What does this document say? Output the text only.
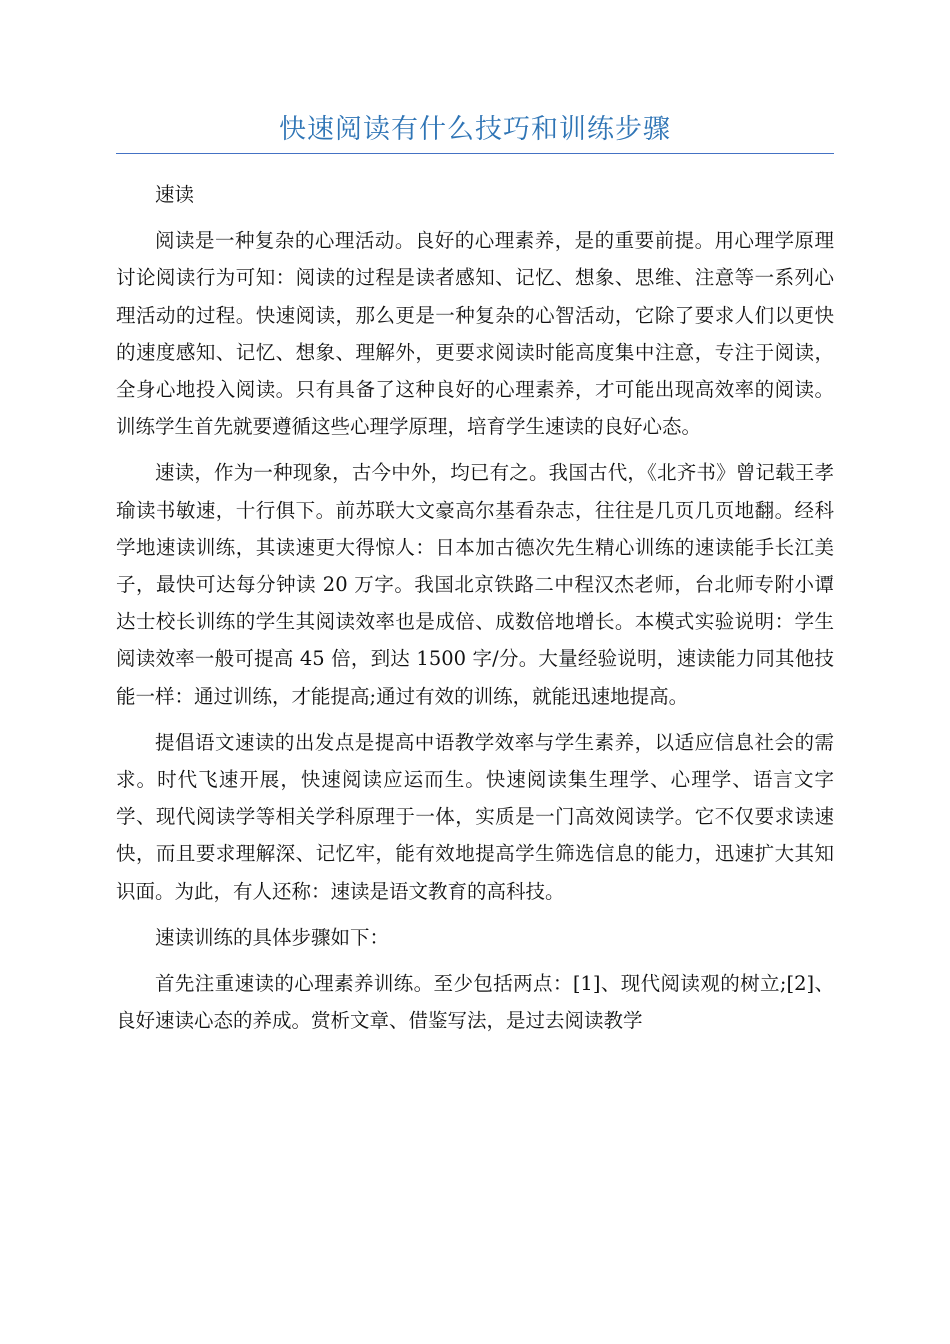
快速阅读有什么技巧和训练步骤

速读

阅读是一种复杂的心理活动。良好的心理素养，是的重要前提。用心理学原理讨论阅读行为可知：阅读的过程是读者感知、记忆、想象、思维、注意等一系列心理活动的过程。快速阅读，那么更是一种复杂的心智活动，它除了要求人们以更快的速度感知、记忆、想象、理解外，更要求阅读时能高度集中注意，专注于阅读，全身心地投入阅读。只有具备了这种良好的心理素养，才可能出现高效率的阅读。训练学生首先就要遵循这些心理学原理，培育学生速读的良好心态。

速读，作为一种现象，古今中外，均已有之。我国古代，《北齐书》曾记载王孝瑜读书敏速，十行俱下。前苏联大文豪高尔基看杂志，往往是几页几页地翻。经科学地速读训练，其读速更大得惊人：日本加古德次先生精心训练的速读能手长江美子，最快可达每分钟读 20 万字。我国北京铁路二中程汉杰老师，台北师专附小谭达士校长训练的学生其阅读效率也是成倍、成数倍地增长。本模式实验说明：学生阅读效率一般可提高 45 倍，到达 1500 字/分。大量经验说明，速读能力同其他技能一样：通过训练，才能提高;通过有效的训练，就能迅速地提高。

提倡语文速读的出发点是提高中语教学效率与学生素养，以适应信息社会的需求。时代飞速开展，快速阅读应运而生。快速阅读集生理学、心理学、语言文字学、现代阅读学等相关学科原理于一体，实质是一门高效阅读学。它不仅要求读速快，而且要求理解深、记忆牢，能有效地提高学生筛选信息的能力，迅速扩大其知识面。为此，有人还称：速读是语文教育的高科技。

速读训练的具体步骤如下：

首先注重速读的心理素养训练。至少包括两点：[1]、现代阅读观的树立;[2]、良好速读心态的养成。赏析文章、借鉴写法，是过去阅读教学
